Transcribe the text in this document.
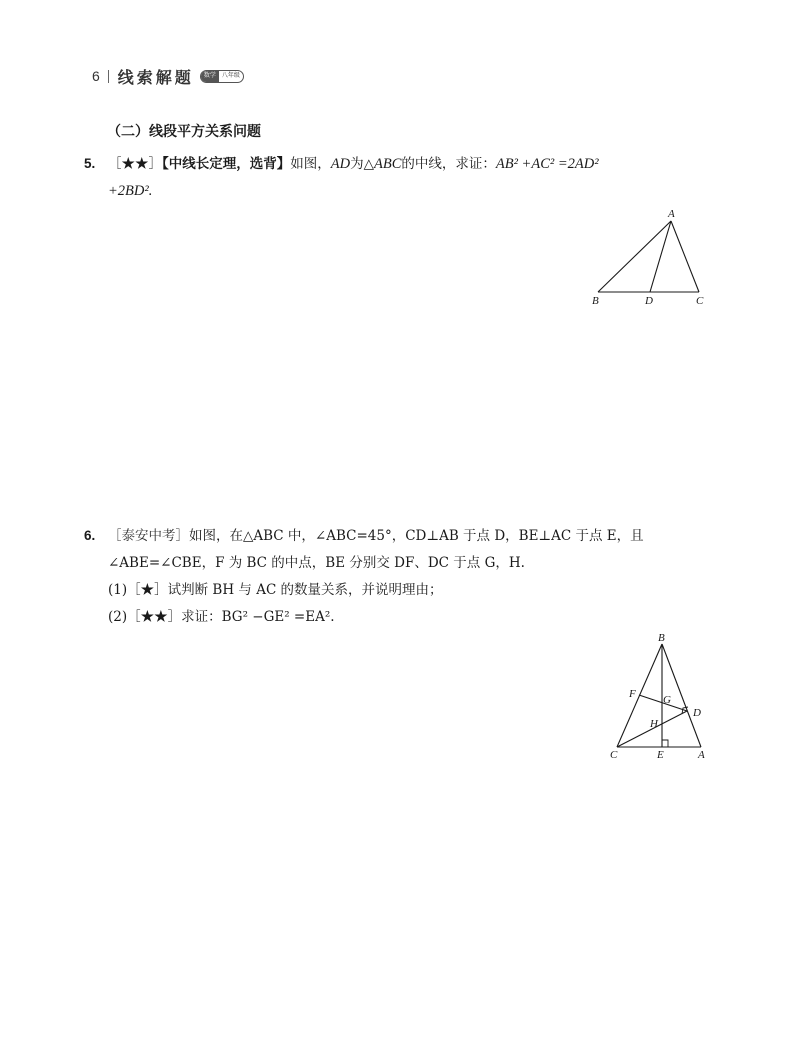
6 线索解题	数学	八年级
（二）线段平方关系问题
5. ［★★］【中线长定理，选背】如图，AD为△ABC的中线，求证：AB² +AC² =2AD²
+2BD².
A
B	D	C
6. ［泰安中考］如图，在△ABC 中，∠ABC=45°，CD⊥AB 于点 D，BE⊥AC 于点 E，且
∠ABE=∠CBE，F 为 BC 的中点，BE 分别交 DF、DC 于点 G，H.
(1)［★］试判断 BH 与 AC 的数量关系，并说明理由；
(2)［★★］求证：BG² −GE² =EA².
B
F G
D
H
C	E	A
